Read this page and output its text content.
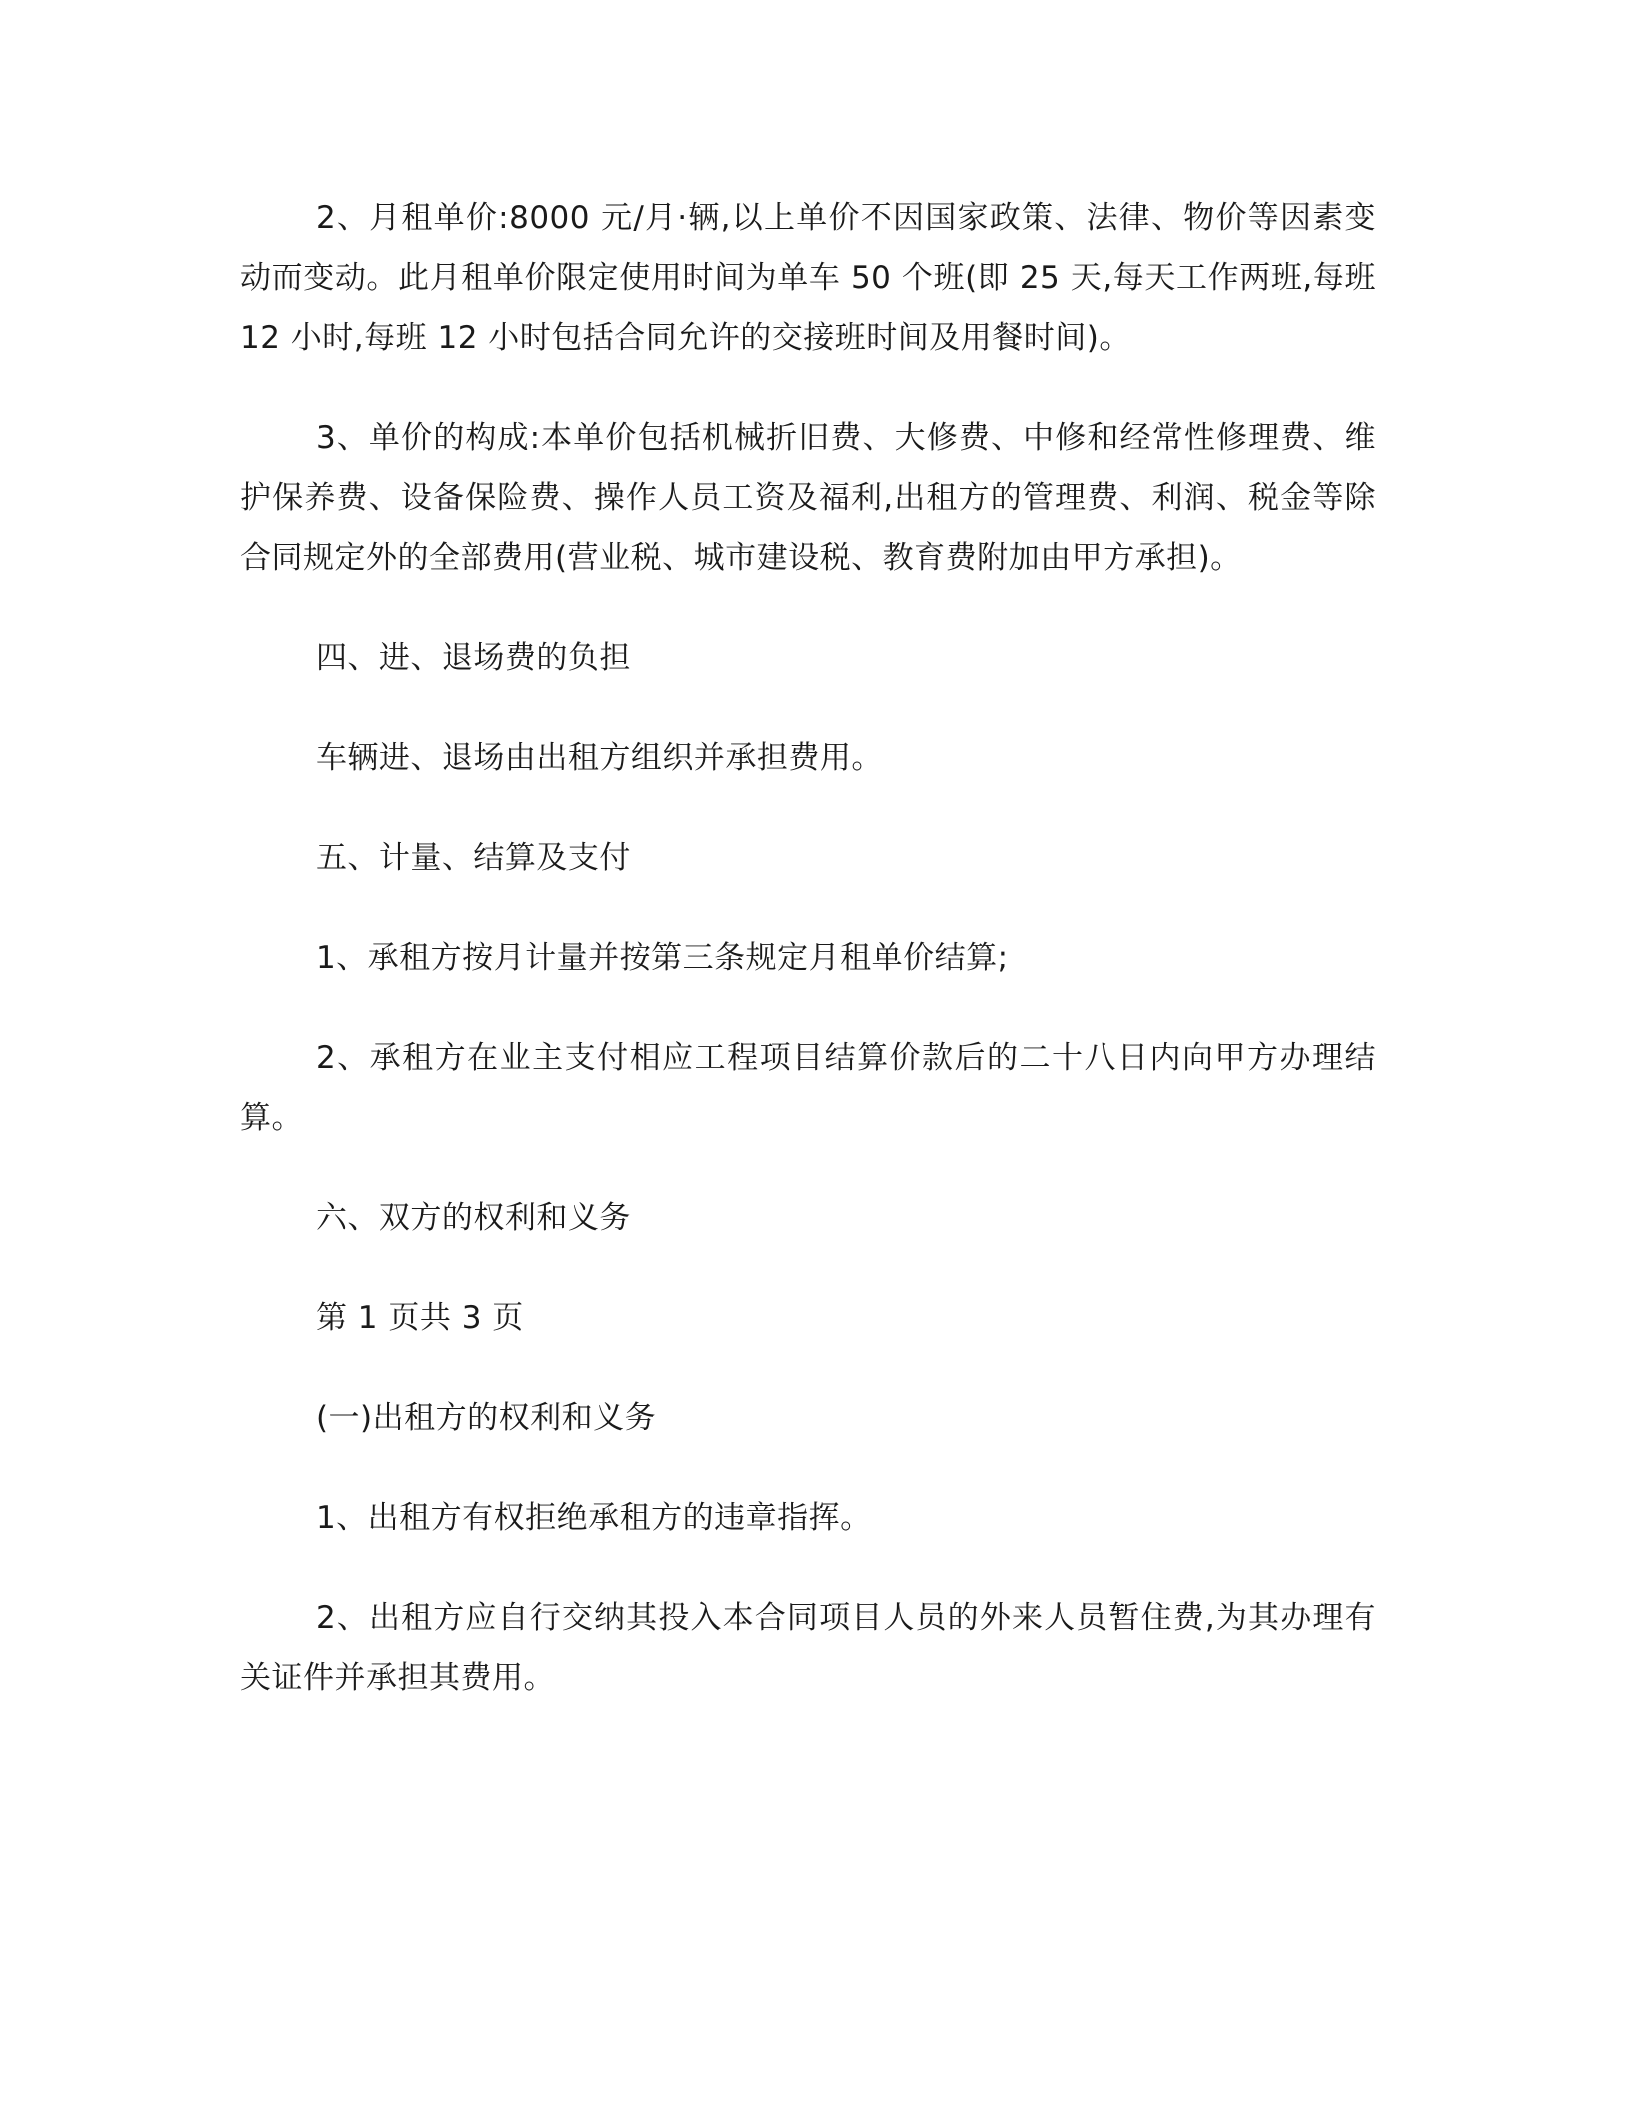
2、月租单价:8000 元/月·辆,以上单价不因国家政策、法律、物价等因素变动而变动。此月租单价限定使用时间为单车 50 个班(即 25 天,每天工作两班,每班 12 小时,每班 12 小时包括合同允许的交接班时间及用餐时间)。

3、单价的构成:本单价包括机械折旧费、大修费、中修和经常性修理费、维护保养费、设备保险费、操作人员工资及福利,出租方的管理费、利润、税金等除合同规定外的全部费用(营业税、城市建设税、教育费附加由甲方承担)。

四、进、退场费的负担

车辆进、退场由出租方组织并承担费用。

五、计量、结算及支付

1、承租方按月计量并按第三条规定月租单价结算;

2、承租方在业主支付相应工程项目结算价款后的二十八日内向甲方办理结算。

六、双方的权利和义务

第 1 页共 3 页

(一)出租方的权利和义务

1、出租方有权拒绝承租方的违章指挥。

2、出租方应自行交纳其投入本合同项目人员的外来人员暂住费,为其办理有关证件并承担其费用。
